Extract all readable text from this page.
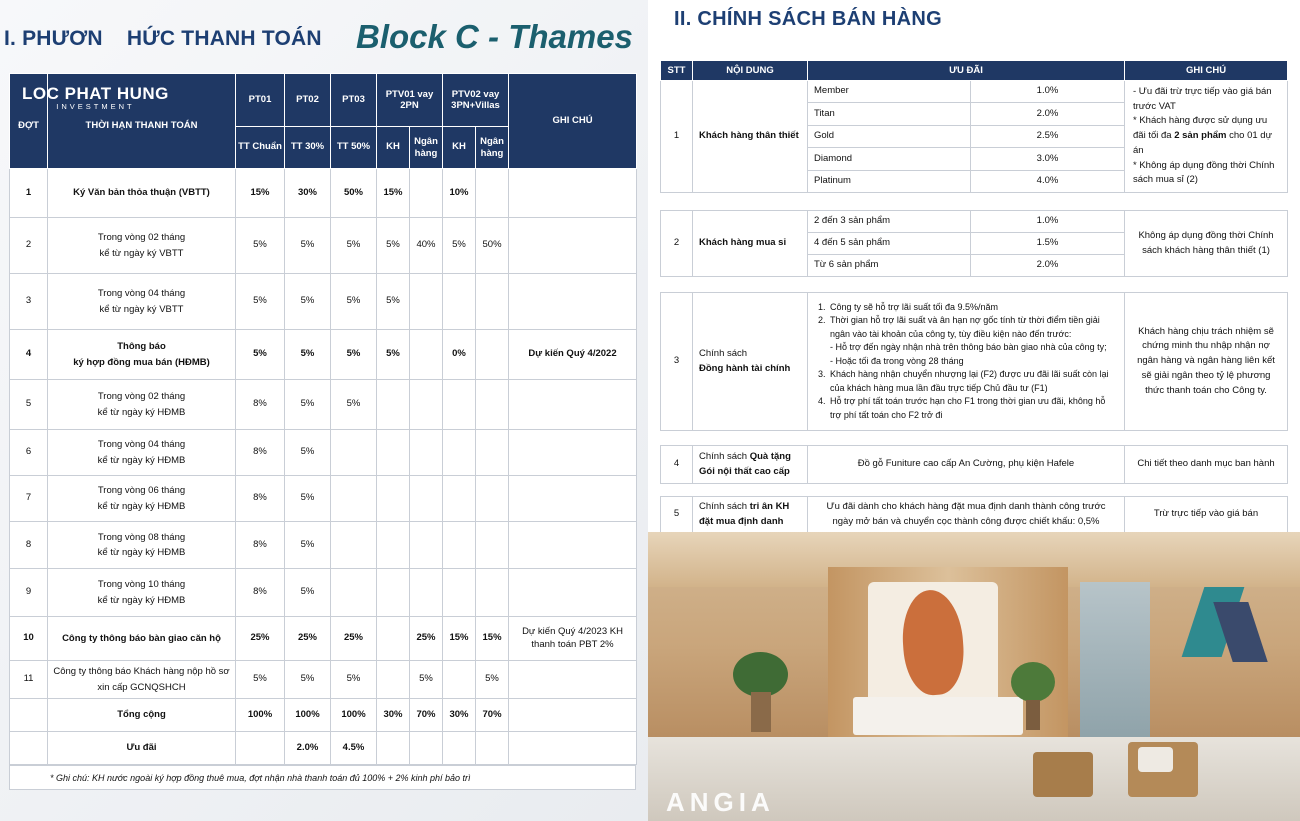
I. PHƯƠN    HỨC THANH TOÁN Block C - Thames
ĐỢT	THỜI HẠN THANH TOÁN	PT01	PT02	PT03	PTV01 vay 2PN		PTV02 vay 3PN+Villas		GHI CHÚ
		TT Chuẩn	TT 30%	TT 50%	KH	Ngân hàng	KH	Ngân hàng	
1	Ký Văn bản thỏa thuận (VBTT)	15%	30%	50%	15%		10%		
2	Trong vòng 02 tháng
kể từ ngày ký VBTT	5%	5%	5%	5%	40%	5%	50%	
3	Trong vòng 04 tháng
kể từ ngày ký VBTT	5%	5%	5%	5%				
4	Thông báo
ký hợp đồng mua bán (HĐMB)	5%	5%	5%	5%		0%		Dự kiến Quý 4/2022
5	Trong vòng 02 tháng
kể từ ngày ký HĐMB	8%	5%	5%					
6	Trong vòng 04 tháng
kể từ ngày ký HĐMB	8%	5%						
7	Trong vòng 06 tháng
kể từ ngày ký HĐMB	8%	5%						
8	Trong vòng 08 tháng
kể từ ngày ký HĐMB	8%	5%						
9	Trong vòng 10 tháng
kể từ ngày ký HĐMB	8%	5%						
10	Công ty thông báo bàn giao căn hộ	25%	25%	25%		25%	15%	15%	Dự kiến Quý 4/2023 KH thanh toán PBT 2%
11	Công ty thông báo Khách hàng nộp hồ sơ
xin cấp GCNQSHCH	5%	5%	5%		5%		5%	
	Tổng cộng	100%	100%	100%	30%	70%	30%	70%	
	Ưu đãi		2.0%	4.5%					
LOC PHAT HUNG
INVESTMENT
* Ghi chú: KH nước ngoài ký hợp đồng thuê mua, đợt nhận nhà thanh toán đủ 100% + 2% kinh phí bảo trì
II. CHÍNH SÁCH BÁN HÀNG
STT	NỘI DUNG	ƯU ĐÃI		GHI CHÚ
1	Khách hàng thân thiết	Member	1.0%	- Ưu đãi trừ trực tiếp vào giá bán trước VAT
* Khách hàng được sử dụng ưu đãi tối đa 2 sản phẩm cho 01 dự án
* Không áp dụng đồng thời Chính sách mua sỉ (2)

		Titan	2.0%	
		Gold	2.5%	
		Diamond	3.0%	
		Platinum	4.0%	
2	Khách hàng mua sỉ	2 đến 3 sản phẩm	1.0%	Không áp dụng đồng thời Chính sách khách hàng thân thiết (1)
		4 đến 5 sản phẩm	1.5%	
		Từ 6 sản phẩm	2.0%	
3	
Chính sách
Đồng hành tài chính

1. Công ty sẽ hỗ trợ lãi suất tối đa 9.5%/năm
2. Thời gian hỗ trợ lãi suất và ân hạn nợ gốc tính từ thời điểm tiền giải ngân vào tài khoản của công ty, tùy điều kiện nào đến trước:
- Hỗ trợ đến ngày nhận nhà trên thông báo bàn giao nhà của công ty;
- Hoặc tối đa trong vòng 28 tháng
3. Khách hàng nhận chuyển nhượng lại (F2) được ưu đãi lãi suất còn lại của khách hàng mua lần đầu trực tiếp Chủ đầu tư (F1)
4. Hỗ trợ phí tất toán trước hạn cho F1 trong thời gian ưu đãi, không hỗ trợ phí tất toán cho F2 trở đi
	Khách hàng chịu trách nhiệm sẽ chứng minh thu nhập nhận nợ ngân hàng và ngân hàng liên kết sẽ giải ngân theo tỷ lệ phương thức thanh toán cho Công ty.
4	
Chính sách Quà tặng
Gói nội thất cao cấp
	Đồ gỗ Funiture cao cấp An Cường, phụ kiện Hafele	Chi tiết theo danh mục ban hành
5	
Chính sách tri ân KH
đặt mua định danh
	Ưu đãi dành cho khách hàng đặt mua định danh thành công trước ngày mở bán và chuyển cọc thành công được chiết khấu: 0,5%	Trừ trực tiếp vào giá bán
ANGIA
